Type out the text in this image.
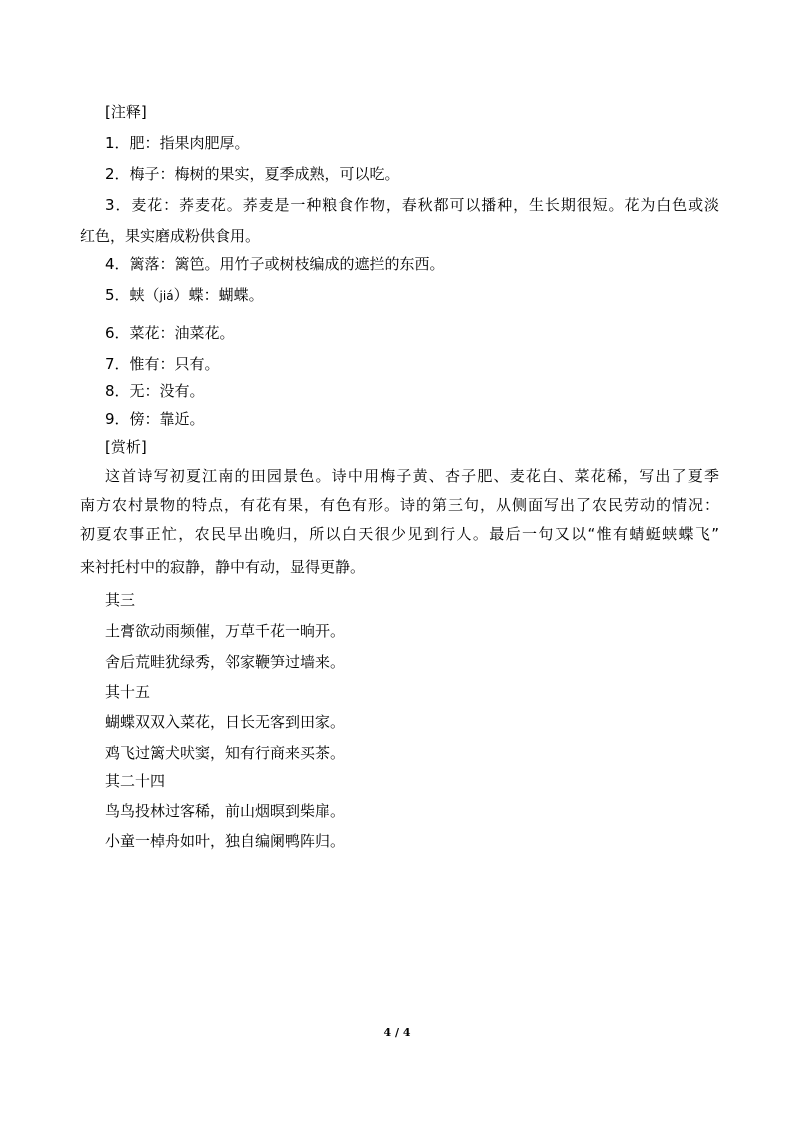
[注释]
1．肥：指果肉肥厚。
2．梅子：梅树的果实，夏季成熟，可以吃。
3．麦花：荞麦花。荞麦是一种粮食作物，春秋都可以播种，生长期很短。花为白色或淡
红色，果实磨成粉供食用。
4．篱落：篱笆。用竹子或树枝编成的遮拦的东西。
5．蛱（jiá）蝶：蝴蝶。
6．菜花：油菜花。
7．惟有：只有。
8．无：没有。
9．傍：靠近。
[赏析]
这首诗写初夏江南的田园景色。诗中用梅子黄、杏子肥、麦花白、菜花稀，写出了夏季
南方农村景物的特点，有花有果，有色有形。诗的第三句，从侧面写出了农民劳动的情况：
初夏农事正忙，农民早出晚归，所以白天很少见到行人。最后一句又以“惟有蜻蜓蛱蝶飞”
来衬托村中的寂静，静中有动，显得更静。
其三
土膏欲动雨频催，万草千花一晌开。
舍后荒畦犹绿秀，邻家鞭笋过墙来。
其十五
蝴蝶双双入菜花，日长无客到田家。
鸡飞过篱犬吠窦，知有行商来买茶。
其二十四
鸟鸟投林过客稀，前山烟暝到柴扉。
小童一棹舟如叶，独自编阑鸭阵归。
4 / 4
